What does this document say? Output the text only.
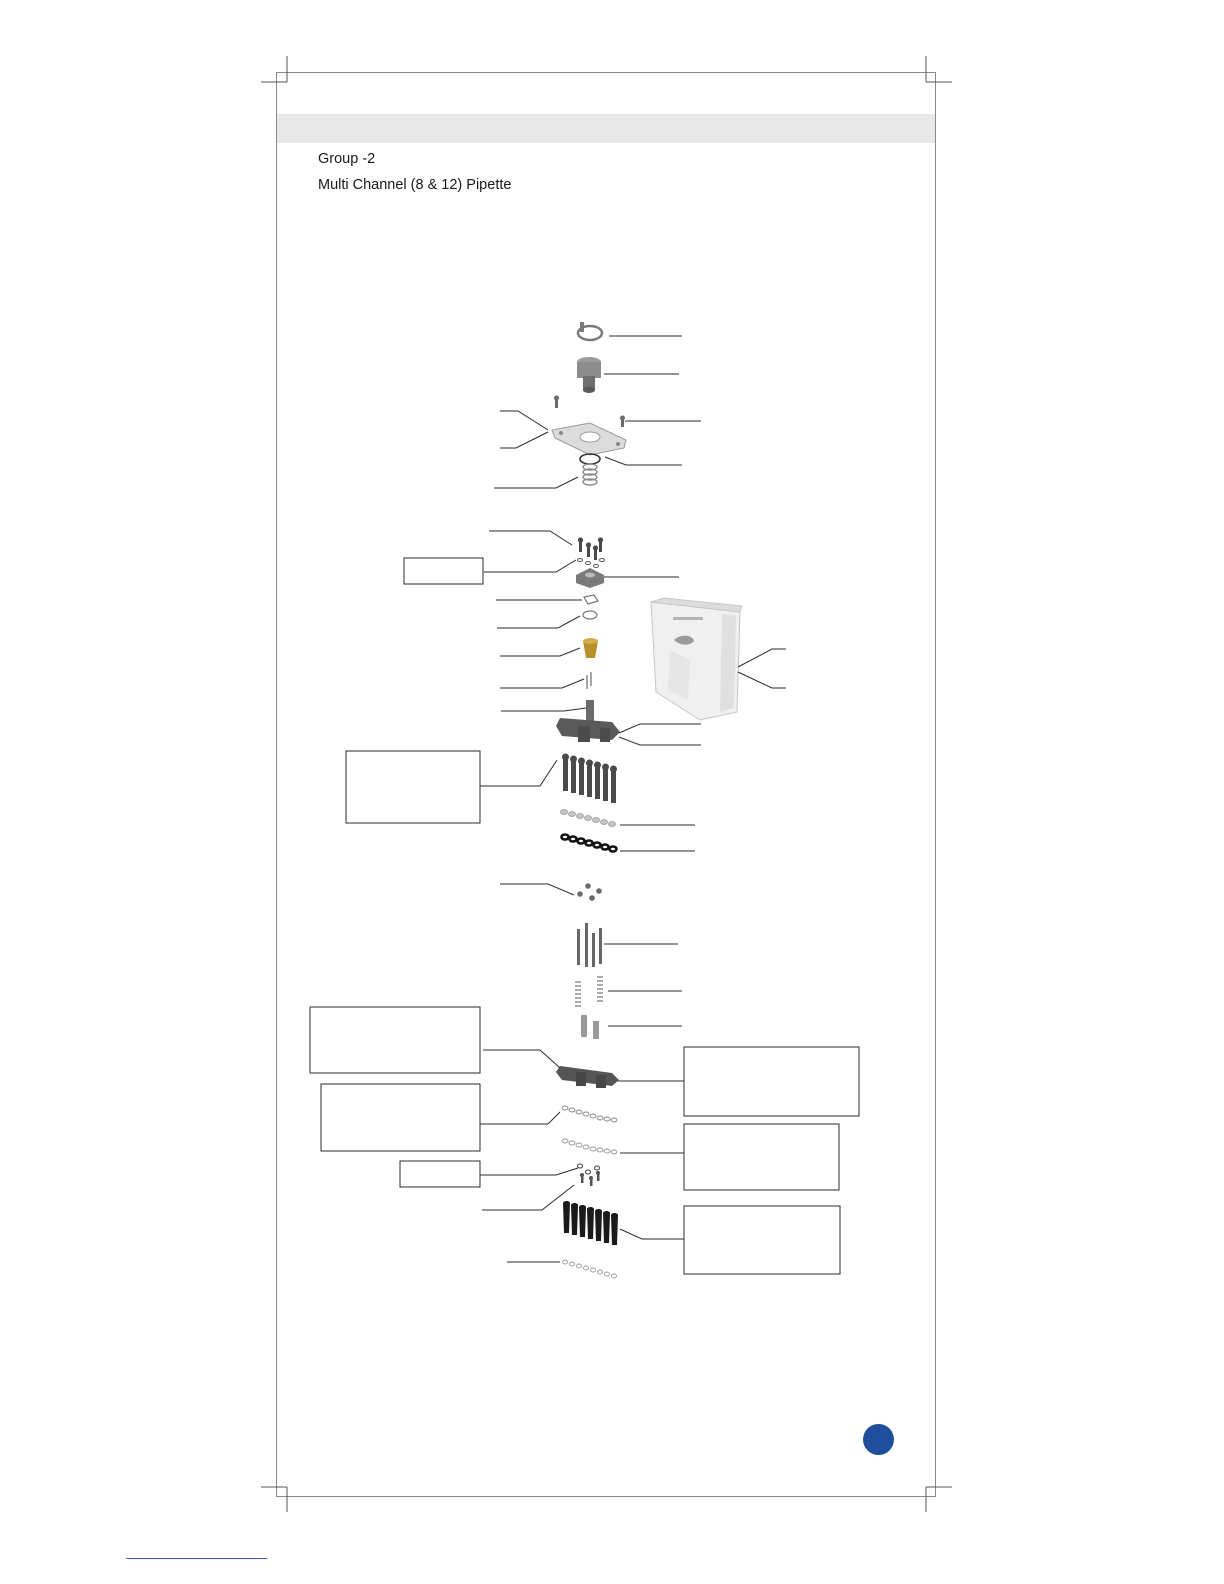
Group -2
Multi Channel (8 & 12) Pipette
